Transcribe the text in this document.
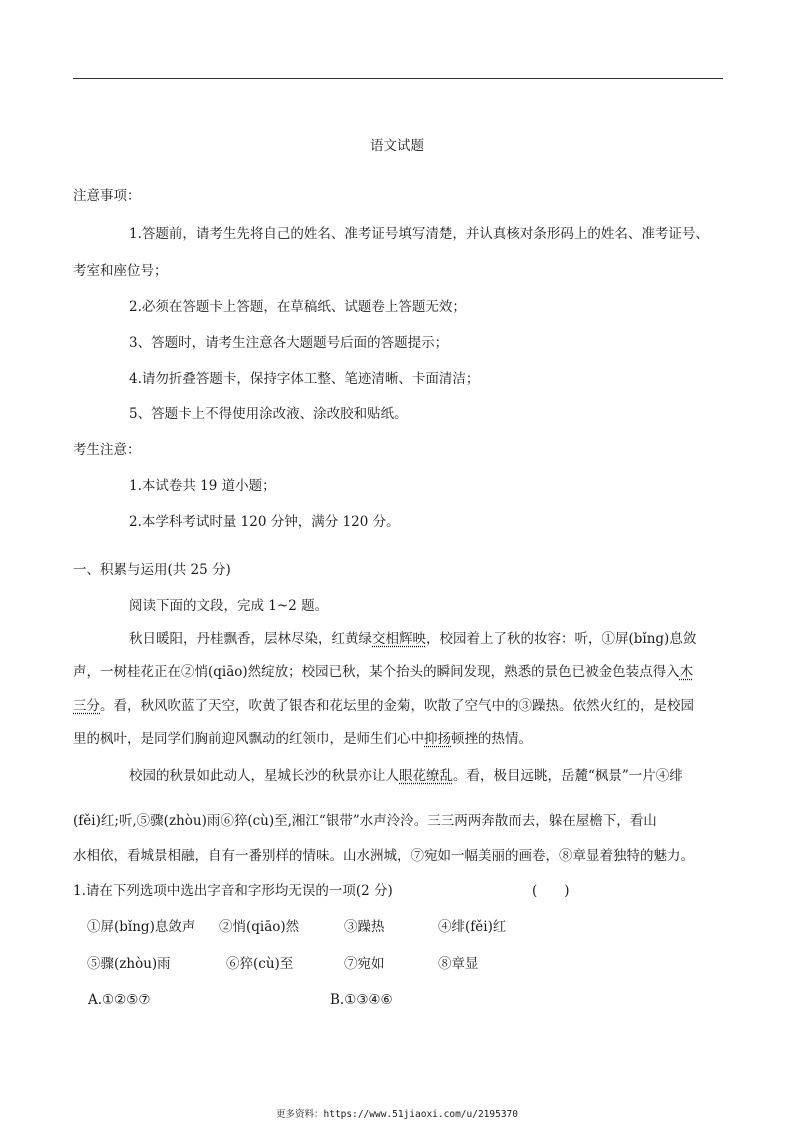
语文试题
注意事项：
1.答题前，请考生先将自己的姓名、准考证号填写清楚，并认真核对条形码上的姓名、准考证号、
考室和座位号；
2.必须在答题卡上答题，在草稿纸、试题卷上答题无效；
3、答题时，请考生注意各大题题号后面的答题提示；
4.请勿折叠答题卡，保持字体工整、笔迹清晰、卡面清洁；
5、答题卡上不得使用涂改液、涂改胶和贴纸。
考生注意：
1.本试卷共 19 道小题；
2.本学科考试时量 120 分钟，满分 120 分。
一、积累与运用(共 25 分)
阅读下面的文段，完成 1~2 题。
秋日暖阳，丹桂飘香，层林尽染，红黄绿交相辉映，校园着上了秋的妆容：听，①屏(bǐng)息敛
声，一树桂花正在②悄(qiāo)然绽放；校园已秋，某个抬头的瞬间发现，熟悉的景色已被金色装点得入木
三分。看，秋风吹蓝了天空，吹黄了银杏和花坛里的金菊，吹散了空气中的③躁热。依然火红的，是校园
里的枫叶，是同学们胸前迎风飘动的红领巾，是师生们心中抑扬顿挫的热情。
校园的秋景如此动人，星城长沙的秋景亦让人眼花缭乱。看，极目远眺，岳麓“枫景”一片④绯
(fěi)红;听,⑤骤(zhòu)雨⑥猝(cù)至,湘江“银带”水声泠泠。三三两两奔散而去，躲在屋檐下，看山
水相依，看城景相融，自有一番别样的情味。山水洲城，⑦宛如一幅美丽的画卷，⑧章显着独特的魅力。
1.请在下列选项中选出字音和字形均无误的一项(2 分)	(　　)
①屏(bǐng)息敛声 ②悄(qiāo)然	③躁热	④绯(fěi)红
⑤骤(zhòu)雨	⑥猝(cù)至	⑦宛如	⑧章显
A.①②⑤⑦	B.①③④⑥
更多资料：https://www.51jiaoxi.com/u/2195370
